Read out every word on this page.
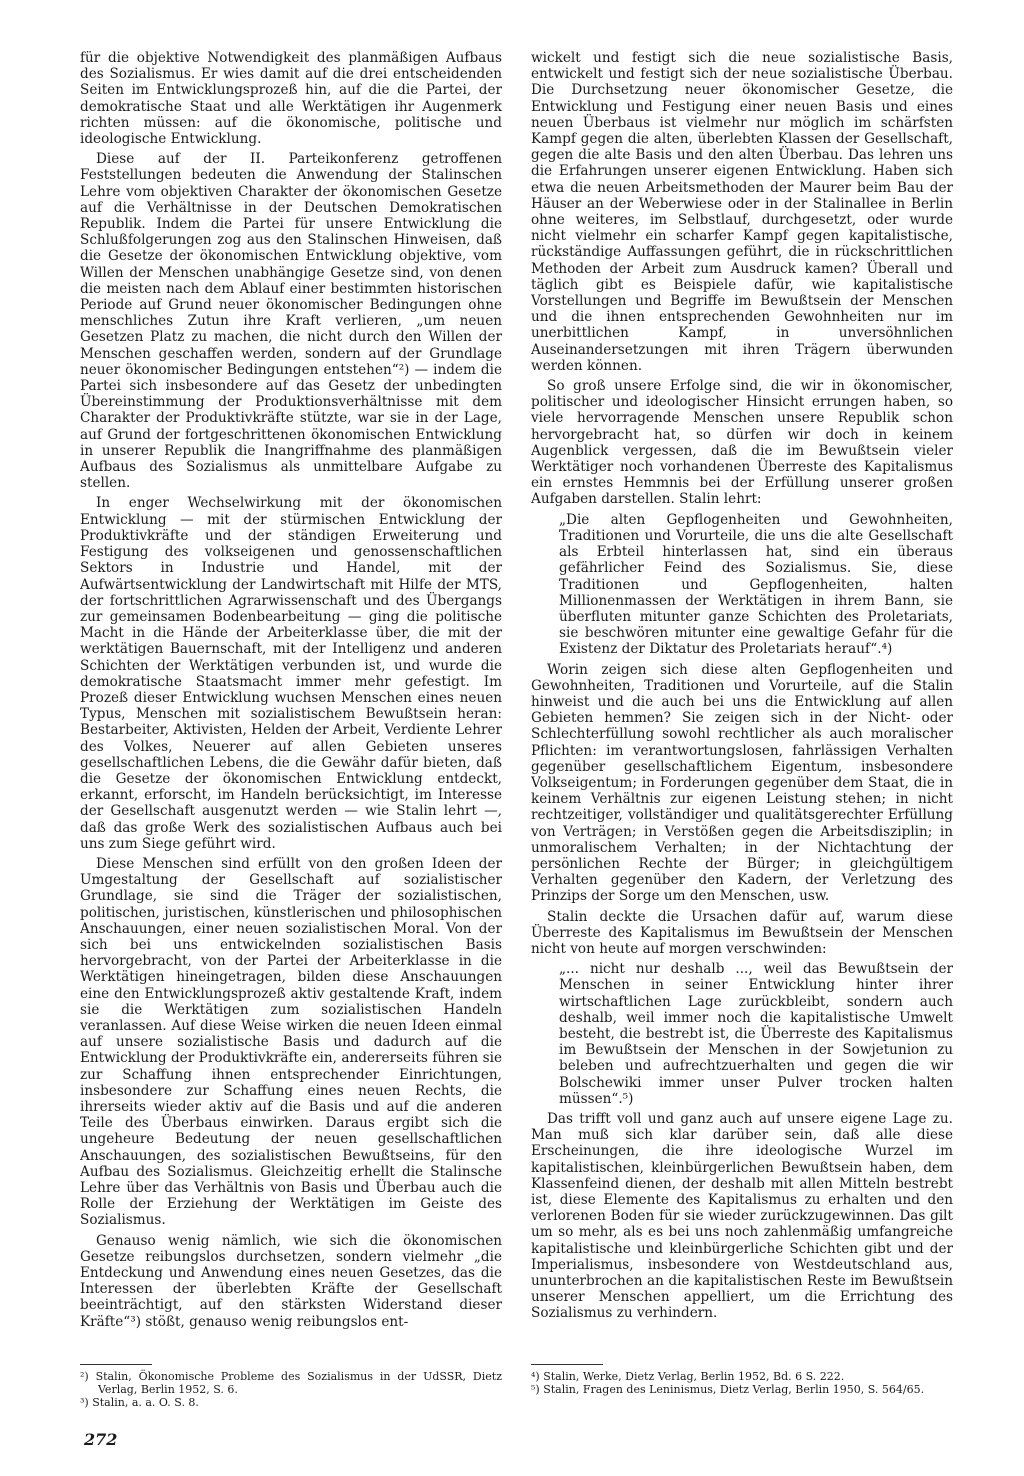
für die objektive Notwendigkeit des planmäßigen Aufbaus des Sozialismus. Er wies damit auf die drei entscheidenden Seiten im Entwicklungsprozeß hin, auf die die Partei, der demokratische Staat und alle Werktätigen ihr Augenmerk richten müssen: auf die ökonomische, politische und ideologische Entwicklung.

Diese auf der II. Parteikonferenz getroffenen Feststellungen bedeuten die Anwendung der Stalinschen Lehre vom objektiven Charakter der ökonomischen Gesetze auf die Verhältnisse in der Deutschen Demokratischen Republik. Indem die Partei für unsere Entwicklung die Schlußfolgerungen zog aus den Stalinschen Hinweisen, daß die Gesetze der ökonomischen Entwicklung objektive, vom Willen der Menschen unabhängige Gesetze sind, von denen die meisten nach dem Ablauf einer bestimmten historischen Periode auf Grund neuer ökonomischer Bedingungen ohne menschliches Zutun ihre Kraft verlieren, „um neuen Gesetzen Platz zu machen, die nicht durch den Willen der Menschen geschaffen werden, sondern auf der Grundlage neuer ökonomischer Bedingungen entstehen“²) — indem die Partei sich insbesondere auf das Gesetz der unbedingten Übereinstimmung der Produktionsverhältnisse mit dem Charakter der Produktivkräfte stützte, war sie in der Lage, auf Grund der fortgeschrittenen ökonomischen Entwicklung in unserer Republik die Inangriffnahme des planmäßigen Aufbaus des Sozialismus als unmittelbare Aufgabe zu stellen.

In enger Wechselwirkung mit der ökonomischen Entwicklung — mit der stürmischen Entwicklung der Produktivkräfte und der ständigen Erweiterung und Festigung des volkseigenen und genossenschaftlichen Sektors in Industrie und Handel, mit der Aufwärtsentwicklung der Landwirtschaft mit Hilfe der MTS, der fortschrittlichen Agrarwissenschaft und des Übergangs zur gemeinsamen Bodenbearbeitung — ging die politische Macht in die Hände der Arbeiterklasse über, die mit der werktätigen Bauernschaft, mit der Intelligenz und anderen Schichten der Werktätigen verbunden ist, und wurde die demokratische Staatsmacht immer mehr gefestigt. Im Prozeß dieser Entwicklung wuchsen Menschen eines neuen Typus, Menschen mit sozialistischem Bewußtsein heran: Bestarbeiter, Aktivisten, Helden der Arbeit, Verdiente Lehrer des Volkes, Neuerer auf allen Gebieten unseres gesellschaftlichen Lebens, die die Gewähr dafür bieten, daß die Gesetze der ökonomischen Entwicklung entdeckt, erkannt, erforscht, im Handeln berücksichtigt, im Interesse der Gesellschaft ausgenutzt werden — wie Stalin lehrt —, daß das große Werk des sozialistischen Aufbaus auch bei uns zum Siege geführt wird.

Diese Menschen sind erfüllt von den großen Ideen der Umgestaltung der Gesellschaft auf sozialistischer Grundlage, sie sind die Träger der sozialistischen, politischen, juristischen, künstlerischen und philosophischen Anschauungen, einer neuen sozialistischen Moral. Von der sich bei uns entwickelnden sozialistischen Basis hervorgebracht, von der Partei der Arbeiterklasse in die Werktätigen hineingetragen, bilden diese Anschauungen eine den Entwicklungsprozeß aktiv gestaltende Kraft, indem sie die Werktätigen zum sozialistischen Handeln veranlassen. Auf diese Weise wirken die neuen Ideen einmal auf unsere sozialistische Basis und dadurch auf die Entwicklung der Produktivkräfte ein, andererseits führen sie zur Schaffung ihnen entsprechender Einrichtungen, insbesondere zur Schaffung eines neuen Rechts, die ihrerseits wieder aktiv auf die Basis und auf die anderen Teile des Überbaus einwirken. Daraus ergibt sich die ungeheure Bedeutung der neuen gesellschaftlichen Anschauungen, des sozialistischen Bewußtseins, für den Aufbau des Sozialismus. Gleichzeitig erhellt die Stalinsche Lehre über das Verhältnis von Basis und Überbau auch die Rolle der Erziehung der Werktätigen im Geiste des Sozialismus.

Genauso wenig nämlich, wie sich die ökonomischen Gesetze reibungslos durchsetzen, sondern vielmehr „die Entdeckung und Anwendung eines neuen Gesetzes, das die Interessen der überlebten Kräfte der Gesellschaft beeinträchtigt, auf den stärksten Widerstand dieser Kräfte“³) stößt, genauso wenig reibungslos ent-

wickelt und festigt sich die neue sozialistische Basis, entwickelt und festigt sich der neue sozialistische Überbau. Die Durchsetzung neuer ökonomischer Gesetze, die Entwicklung und Festigung einer neuen Basis und eines neuen Überbaus ist vielmehr nur möglich im schärfsten Kampf gegen die alten, überlebten Klassen der Gesellschaft, gegen die alte Basis und den alten Überbau. Das lehren uns die Erfahrungen unserer eigenen Entwicklung. Haben sich etwa die neuen Arbeitsmethoden der Maurer beim Bau der Häuser an der Weberwiese oder in der Stalinallee in Berlin ohne weiteres, im Selbstlauf, durchgesetzt, oder wurde nicht vielmehr ein scharfer Kampf gegen kapitalistische, rückständige Auffassungen geführt, die in rückschrittlichen Methoden der Arbeit zum Ausdruck kamen? Überall und täglich gibt es Beispiele dafür, wie kapitalistische Vorstellungen und Begriffe im Bewußtsein der Menschen und die ihnen entsprechenden Gewohnheiten nur im unerbittlichen Kampf, in unversöhnlichen Auseinandersetzungen mit ihren Trägern überwunden werden können.

So groß unsere Erfolge sind, die wir in ökonomischer, politischer und ideologischer Hinsicht errungen haben, so viele hervorragende Menschen unsere Republik schon hervorgebracht hat, so dürfen wir doch in keinem Augenblick vergessen, daß die im Bewußtsein vieler Werktätiger noch vorhandenen Überreste des Kapitalismus ein ernstes Hemmnis bei der Erfüllung unserer großen Aufgaben darstellen. Stalin lehrt:

„Die alten Gepflogenheiten und Gewohnheiten, Traditionen und Vorurteile, die uns die alte Gesellschaft als Erbteil hinterlassen hat, sind ein überaus gefährlicher Feind des Sozialismus. Sie, diese Traditionen und Gepflogenheiten, halten Millionenmassen der Werktätigen in ihrem Bann, sie überfluten mitunter ganze Schichten des Proletariats, sie beschwören mitunter eine gewaltige Gefahr für die Existenz der Diktatur des Proletariats herauf“.⁴)

Worin zeigen sich diese alten Gepflogenheiten und Gewohnheiten, Traditionen und Vorurteile, auf die Stalin hinweist und die auch bei uns die Entwicklung auf allen Gebieten hemmen? Sie zeigen sich in der Nicht- oder Schlechterfüllung sowohl rechtlicher als auch moralischer Pflichten: im verantwortungslosen, fahrlässigen Verhalten gegenüber gesellschaftlichem Eigentum, insbesondere Volkseigentum; in Forderungen gegenüber dem Staat, die in keinem Verhältnis zur eigenen Leistung stehen; in nicht rechtzeitiger, vollständiger und qualitätsgerechter Erfüllung von Verträgen; in Verstößen gegen die Arbeitsdisziplin; in unmoralischem Verhalten; in der Nichtachtung der persönlichen Rechte der Bürger; in gleichgültigem Verhalten gegenüber den Kadern, der Verletzung des Prinzips der Sorge um den Menschen, usw.

Stalin deckte die Ursachen dafür auf, warum diese Überreste des Kapitalismus im Bewußtsein der Menschen nicht von heute auf morgen verschwinden:

„... nicht nur deshalb ..., weil das Bewußtsein der Menschen in seiner Entwicklung hinter ihrer wirtschaftlichen Lage zurückbleibt, sondern auch deshalb, weil immer noch die kapitalistische Umwelt besteht, die bestrebt ist, die Überreste des Kapitalismus im Bewußtsein der Menschen in der Sowjetunion zu beleben und aufrechtzuerhalten und gegen die wir Bolschewiki immer unser Pulver trocken halten müssen“.⁵)

Das trifft voll und ganz auch auf unsere eigene Lage zu. Man muß sich klar darüber sein, daß alle diese Erscheinungen, die ihre ideologische Wurzel im kapitalistischen, kleinbürgerlichen Bewußtsein haben, dem Klassenfeind dienen, der deshalb mit allen Mitteln bestrebt ist, diese Elemente des Kapitalismus zu erhalten und den verlorenen Boden für sie wieder zurückzugewinnen. Das gilt um so mehr, als es bei uns noch zahlenmäßig umfangreiche kapitalistische und kleinbürgerliche Schichten gibt und der Imperialismus, insbesondere von Westdeutschland aus, ununterbrochen an die kapitalistischen Reste im Bewußtsein unserer Menschen appelliert, um die Errichtung des Sozialismus zu verhindern.

²) Stalin, Ökonomische Probleme des Sozialismus in der UdSSR, Dietz Verlag, Berlin 1952, S. 6.

³) Stalin, a. a. O. S. 8.

⁴) Stalin, Werke, Dietz Verlag, Berlin 1952, Bd. 6 S. 222.

⁵) Stalin, Fragen des Leninismus, Dietz Verlag, Berlin 1950, S. 564/65.

272
